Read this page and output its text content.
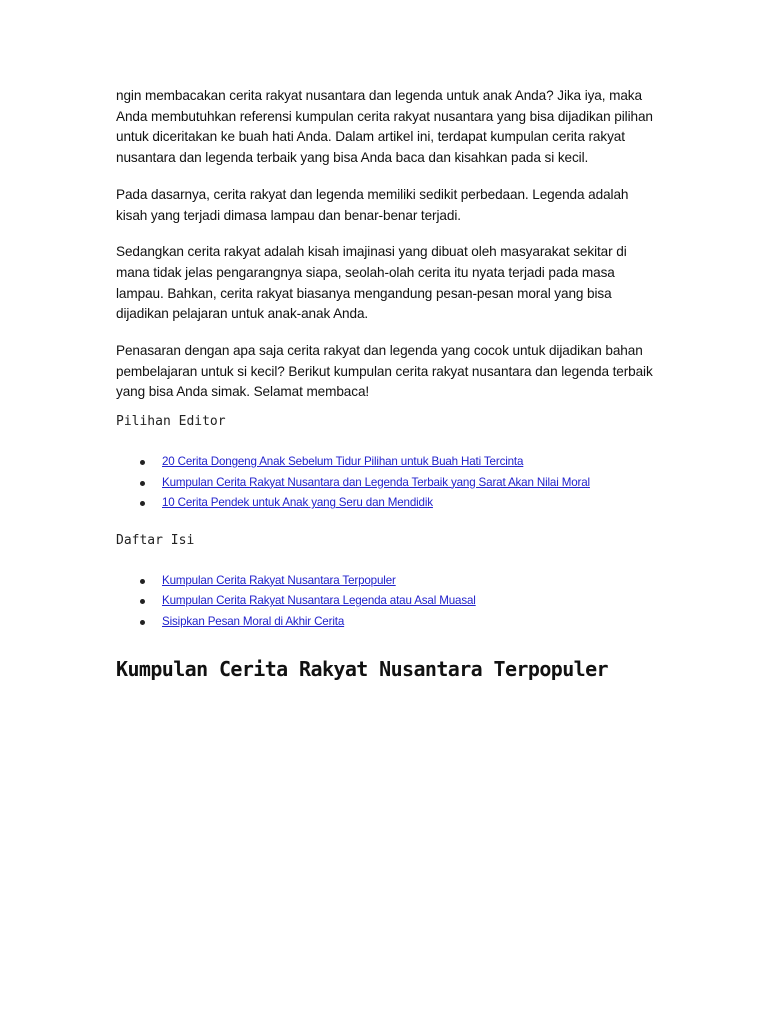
ngin membacakan cerita rakyat nusantara dan legenda untuk anak Anda? Jika iya, maka Anda membutuhkan referensi kumpulan cerita rakyat nusantara yang bisa dijadikan pilihan untuk diceritakan ke buah hati Anda. Dalam artikel ini, terdapat kumpulan cerita rakyat nusantara dan legenda terbaik yang bisa Anda baca dan kisahkan pada si kecil.

Pada dasarnya, cerita rakyat dan legenda memiliki sedikit perbedaan. Legenda adalah kisah yang terjadi dimasa lampau dan benar-benar terjadi.

Sedangkan cerita rakyat adalah kisah imajinasi yang dibuat oleh masyarakat sekitar di mana tidak jelas pengarangnya siapa, seolah-olah cerita itu nyata terjadi pada masa lampau. Bahkan, cerita rakyat biasanya mengandung pesan-pesan moral yang bisa dijadikan pelajaran untuk anak-anak Anda.

Penasaran dengan apa saja cerita rakyat dan legenda yang cocok untuk dijadikan bahan pembelajaran untuk si kecil? Berikut kumpulan cerita rakyat nusantara dan legenda terbaik yang bisa Anda simak. Selamat membaca!

Pilihan Editor
20 Cerita Dongeng Anak Sebelum Tidur Pilihan untuk Buah Hati Tercinta
Kumpulan Cerita Rakyat Nusantara dan Legenda Terbaik yang Sarat Akan Nilai Moral
10 Cerita Pendek untuk Anak yang Seru dan Mendidik
Daftar Isi
Kumpulan Cerita Rakyat Nusantara Terpopuler
Kumpulan Cerita Rakyat Nusantara Legenda atau Asal Muasal
Sisipkan Pesan Moral di Akhir Cerita
Kumpulan Cerita Rakyat Nusantara Terpopuler
